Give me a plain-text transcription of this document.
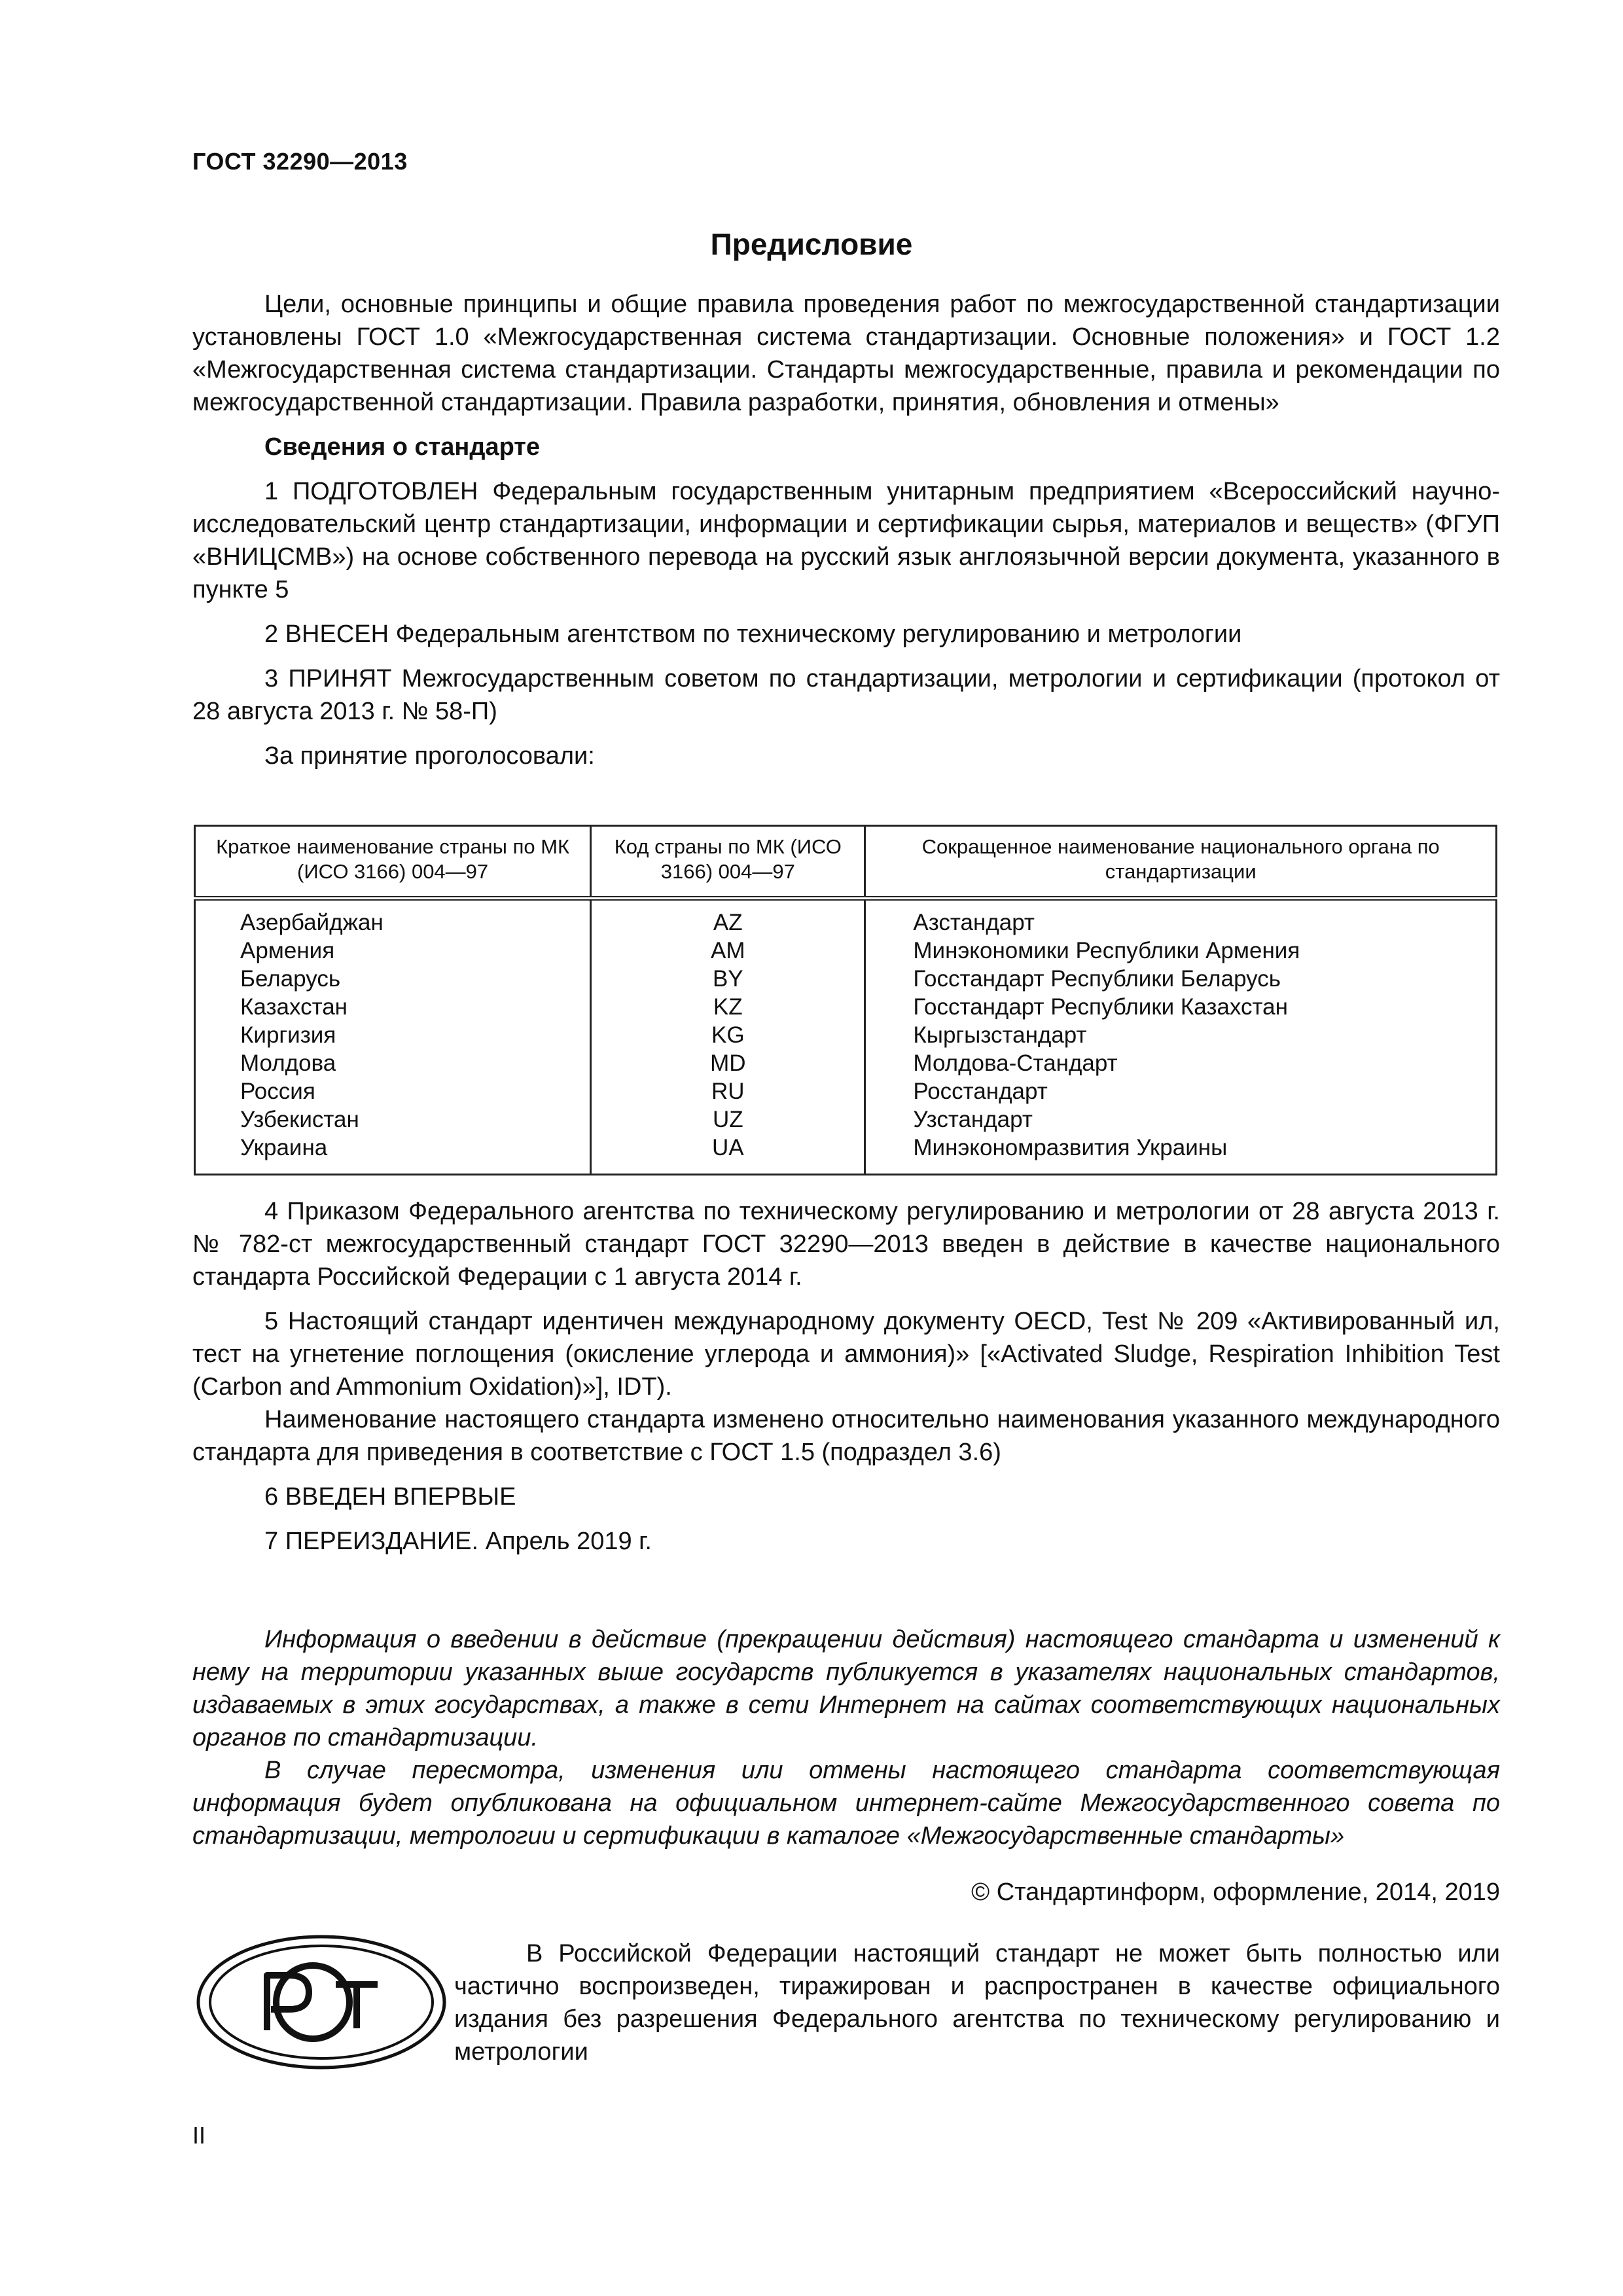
ГОСТ 32290—2013
Предисловие

Цели, основные принципы и общие правила проведения работ по межгосударственной стандартизации установлены ГОСТ 1.0 «Межгосударственная система стандартизации. Основные положения» и ГОСТ 1.2 «Межгосударственная система стандартизации. Стандарты межгосударственные, правила и рекомендации по межгосударственной стандартизации. Правила разработки, принятия, обновления и отмены»

Сведения о стандарте

1 ПОДГОТОВЛЕН Федеральным государственным унитарным предприятием «Всероссийский научно-исследовательский центр стандартизации, информации и сертификации сырья, материалов и веществ» (ФГУП «ВНИЦСМВ») на основе собственного перевода на русский язык англоязычной версии документа, указанного в пункте 5

2 ВНЕСЕН Федеральным агентством по техническому регулированию и метрологии

3 ПРИНЯТ Межгосударственным советом по стандартизации, метрологии и сертификации (протокол от 28 августа 2013 г. № 58-П)

За принятие проголосовали:

Краткое наименование страны по МК (ИСО 3166) 004—97	Код страны по МК (ИСО 3166) 004—97	Сокращенное наименование национального органа по стандартизации
Азербайджан	AZ	Азстандарт
Армения	AM	Минэкономики Республики Армения
Беларусь	BY	Госстандарт Республики Беларусь
Казахстан	KZ	Госстандарт Республики Казахстан
Киргизия	KG	Кыргызстандарт
Молдова	MD	Молдова-Стандарт
Россия	RU	Росстандарт
Узбекистан	UZ	Узстандарт
Украина	UA	Минэкономразвития Украины

4 Приказом Федерального агентства по техническому регулированию и метрологии от 28 августа 2013 г. № 782-ст межгосударственный стандарт ГОСТ 32290—2013 введен в действие в качестве национального стандарта Российской Федерации с 1 августа 2014 г.

5 Настоящий стандарт идентичен международному документу OECD, Test № 209 «Активированный ил, тест на угнетение поглощения (окисление углерода и аммония)» [«Activated Sludge, Respiration Inhibition Test (Carbon and Ammonium Oxidation)»], IDT).

Наименование настоящего стандарта изменено относительно наименования указанного международного стандарта для приведения в соответствие с ГОСТ 1.5 (подраздел 3.6)

6 ВВЕДЕН ВПЕРВЫЕ

7 ПЕРЕИЗДАНИЕ. Апрель 2019 г.

Информация о введении в действие (прекращении действия) настоящего стандарта и изменений к нему на территории указанных выше государств публикуется в указателях национальных стандартов, издаваемых в этих государствах, а также в сети Интернет на сайтах соответствующих национальных органов по стандартизации.

В случае пересмотра, изменения или отмены настоящего стандарта соответствующая информация будет опубликована на официальном интернет-сайте Межгосударственного совета по стандартизации, метрологии и сертификации в каталоге «Межгосударственные стандарты»

© Стандартинформ, оформление, 2014, 2019

В Российской Федерации настоящий стандарт не может быть полностью или частично воспроизведен, тиражирован и распространен в качестве официального издания без разрешения Федерального агентства по техническому регулированию и метрологии

II
